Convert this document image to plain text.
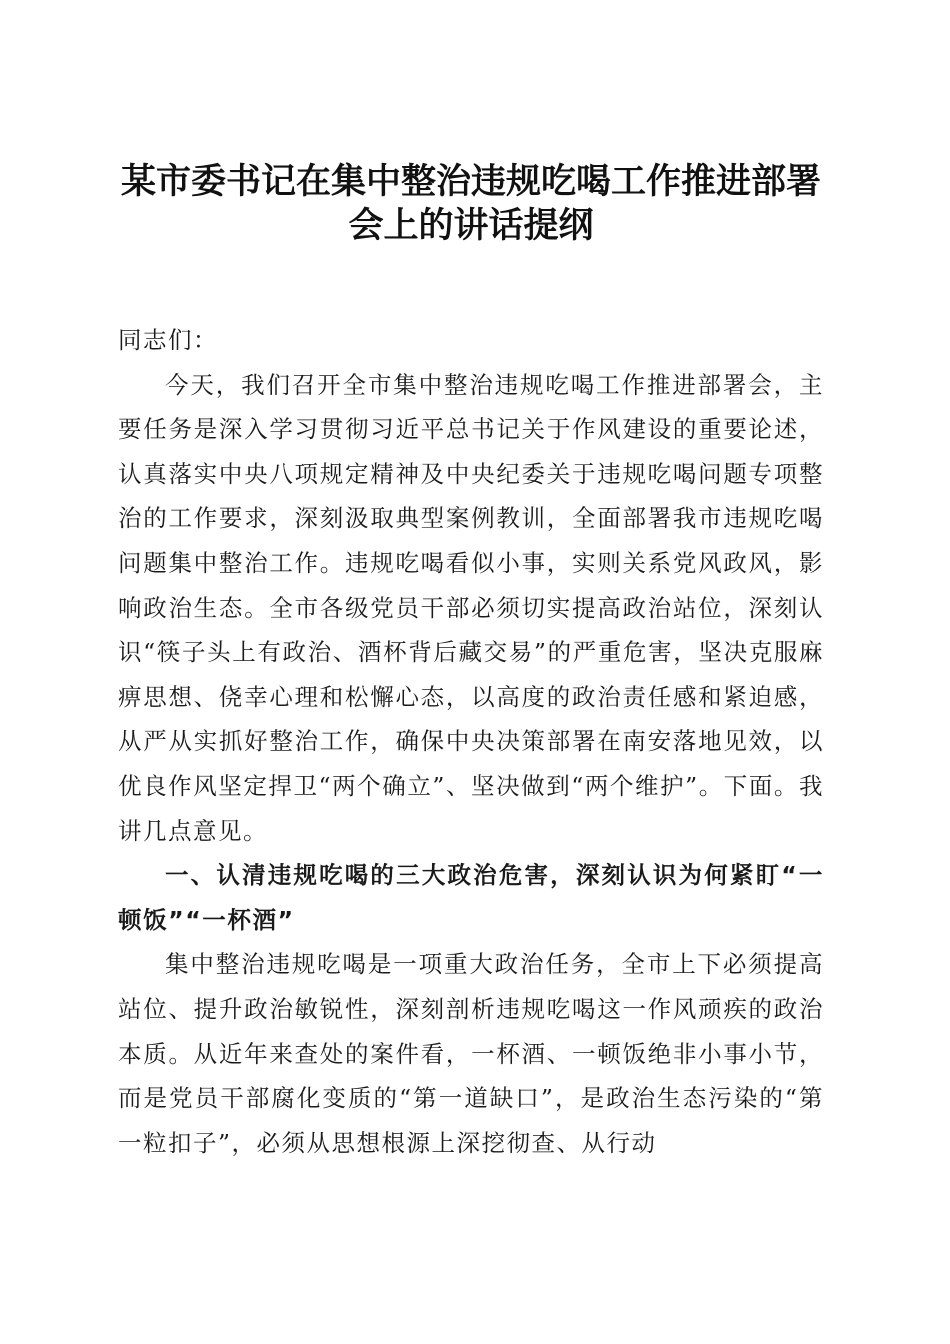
某市委书记在集中整治违规吃喝工作推进部署会上的讲话提纲

同志们：

今天，我们召开全市集中整治违规吃喝工作推进部署会，主要任务是深入学习贯彻习近平总书记关于作风建设的重要论述，认真落实中央八项规定精神及中央纪委关于违规吃喝问题专项整治的工作要求，深刻汲取典型案例教训，全面部署我市违规吃喝问题集中整治工作。违规吃喝看似小事，实则关系党风政风，影响政治生态。全市各级党员干部必须切实提高政治站位，深刻认识“筷子头上有政治、酒杯背后藏交易”的严重危害，坚决克服麻痹思想、侥幸心理和松懈心态，以高度的政治责任感和紧迫感，从严从实抓好整治工作，确保中央决策部署在南安落地见效，以优良作风坚定捍卫“两个确立”、坚决做到“两个维护”。下面。我讲几点意见。

一、认清违规吃喝的三大政治危害，深刻认识为何紧盯“一顿饭”“一杯酒”

集中整治违规吃喝是一项重大政治任务，全市上下必须提高站位、提升政治敏锐性，深刻剖析违规吃喝这一作风顽疾的政治本质。从近年来查处的案件看，一杯酒、一顿饭绝非小事小节，而是党员干部腐化变质的“第一道缺口”，是政治生态污染的“第一粒扣子”，必须从思想根源上深挖彻查、从行动
